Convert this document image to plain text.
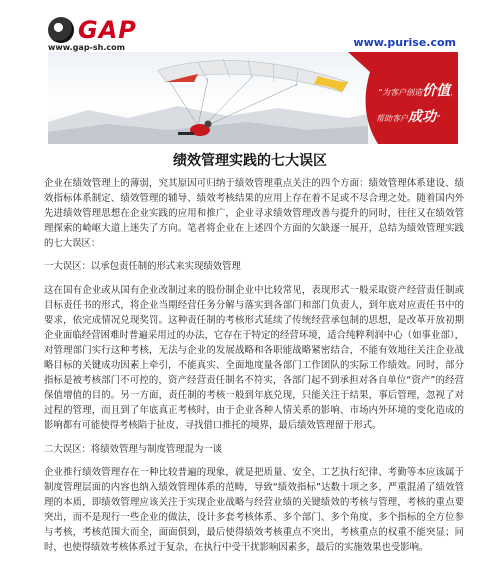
GAP
www.gap-sh.com	www.purise.com
“为客户创造价值，
帮助客户成功”
绩效管理实践的七大误区

企业在绩效管理上的薄弱，究其原因可归纳于绩效管理重点关注的四个方面：绩效管理体系建设、绩效指标体系制定、绩效管理的辅导、绩效考核结果的应用上存在着不足或不尽合理之处。随着国内外先进绩效管理思想在企业实践的应用和推广，企业寻求绩效管理改善与提升的同时，往往又在绩效管理探索的崎岖大道上迷失了方向。笔者将企业在上述四个方面的欠缺逐一展开，总结为绩效管理实践的七大误区：

一大误区：以承包责任制的形式来实现绩效管理

这在国有企业或从国有企业改制过来的股份制企业中比较常见，表现形式一般采取资产经营责任制或目标责任书的形式，将企业当期经营任务分解与落实到各部门和部门负责人，到年底对应责任书中的要求，依完成情况兑现奖罚。这种责任制的考核形式延续了传统经营承包制的思想，是改革开放初期企业面临经营困难时普遍采用过的办法，它存在于特定的经营环境，适合纯粹利润中心（如事业部），对管理部门实行这种考核，无法与企业的发展战略和各职能战略紧密结合，不能有效地往关注企业战略目标的关键成功因素上牵引，不能真实、全面地度量各部门工作团队的实际工作绩效。同时，部分指标是被考核部门不可控的，资产经营责任制名不符实，各部门起不到承担对各自单位“资产”的经营保值增值的目的。另一方面，责任制的考核一般到年底兑现，只能关注于结果，事后管理，忽视了对过程的管理，而且到了年底真正考核时，由于企业各种人情关系的影响、市场内外环境的变化造成的影响都有可能使得考核陷于扯皮、寻找借口推托的境界，最后绩效管理留于形式。

二大误区：将绩效管理与制度管理混为一谈

企业推行绩效管理存在一种比较普遍的现象，就是把质量、安全、工艺执行纪律、考勤等本应该属于制度管理层面的内容也纳入绩效管理体系的范畴，导致“绩效指标”达数十项之多，严重混淆了绩效管理的本质，即绩效管理应该关注于实现企业战略与经营业绩的关键绩效的考核与管理，考核的重点要突出，而不是现行一些企业的做法，设计多套考核体系、多个部门、多个角度、多个指标的全方位参与考核，考核范围大而全，面面俱到，最后使得绩效考核重点不突出，考核重点的权重不能突显；同时，也使得绩效考核体系过于复杂，在执行中受干扰影响因素多，最后的实施效果也受影响。
